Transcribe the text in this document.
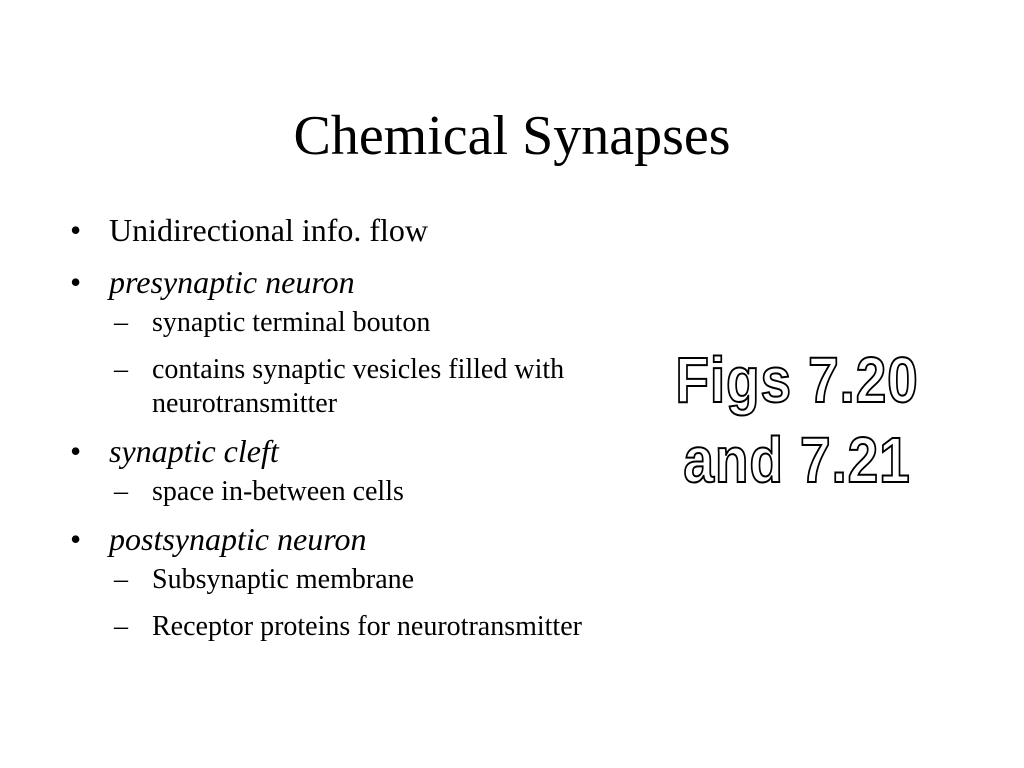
Chemical Synapses
• Unidirectional info. flow
• presynaptic neuron
– synaptic terminal bouton
– contains synaptic vesicles filled with neurotransmitter
• synaptic cleft
– space in-between cells
• postsynaptic neuron
– Subsynaptic membrane
– Receptor proteins for neurotransmitter
Figs 7.20
and 7.21
